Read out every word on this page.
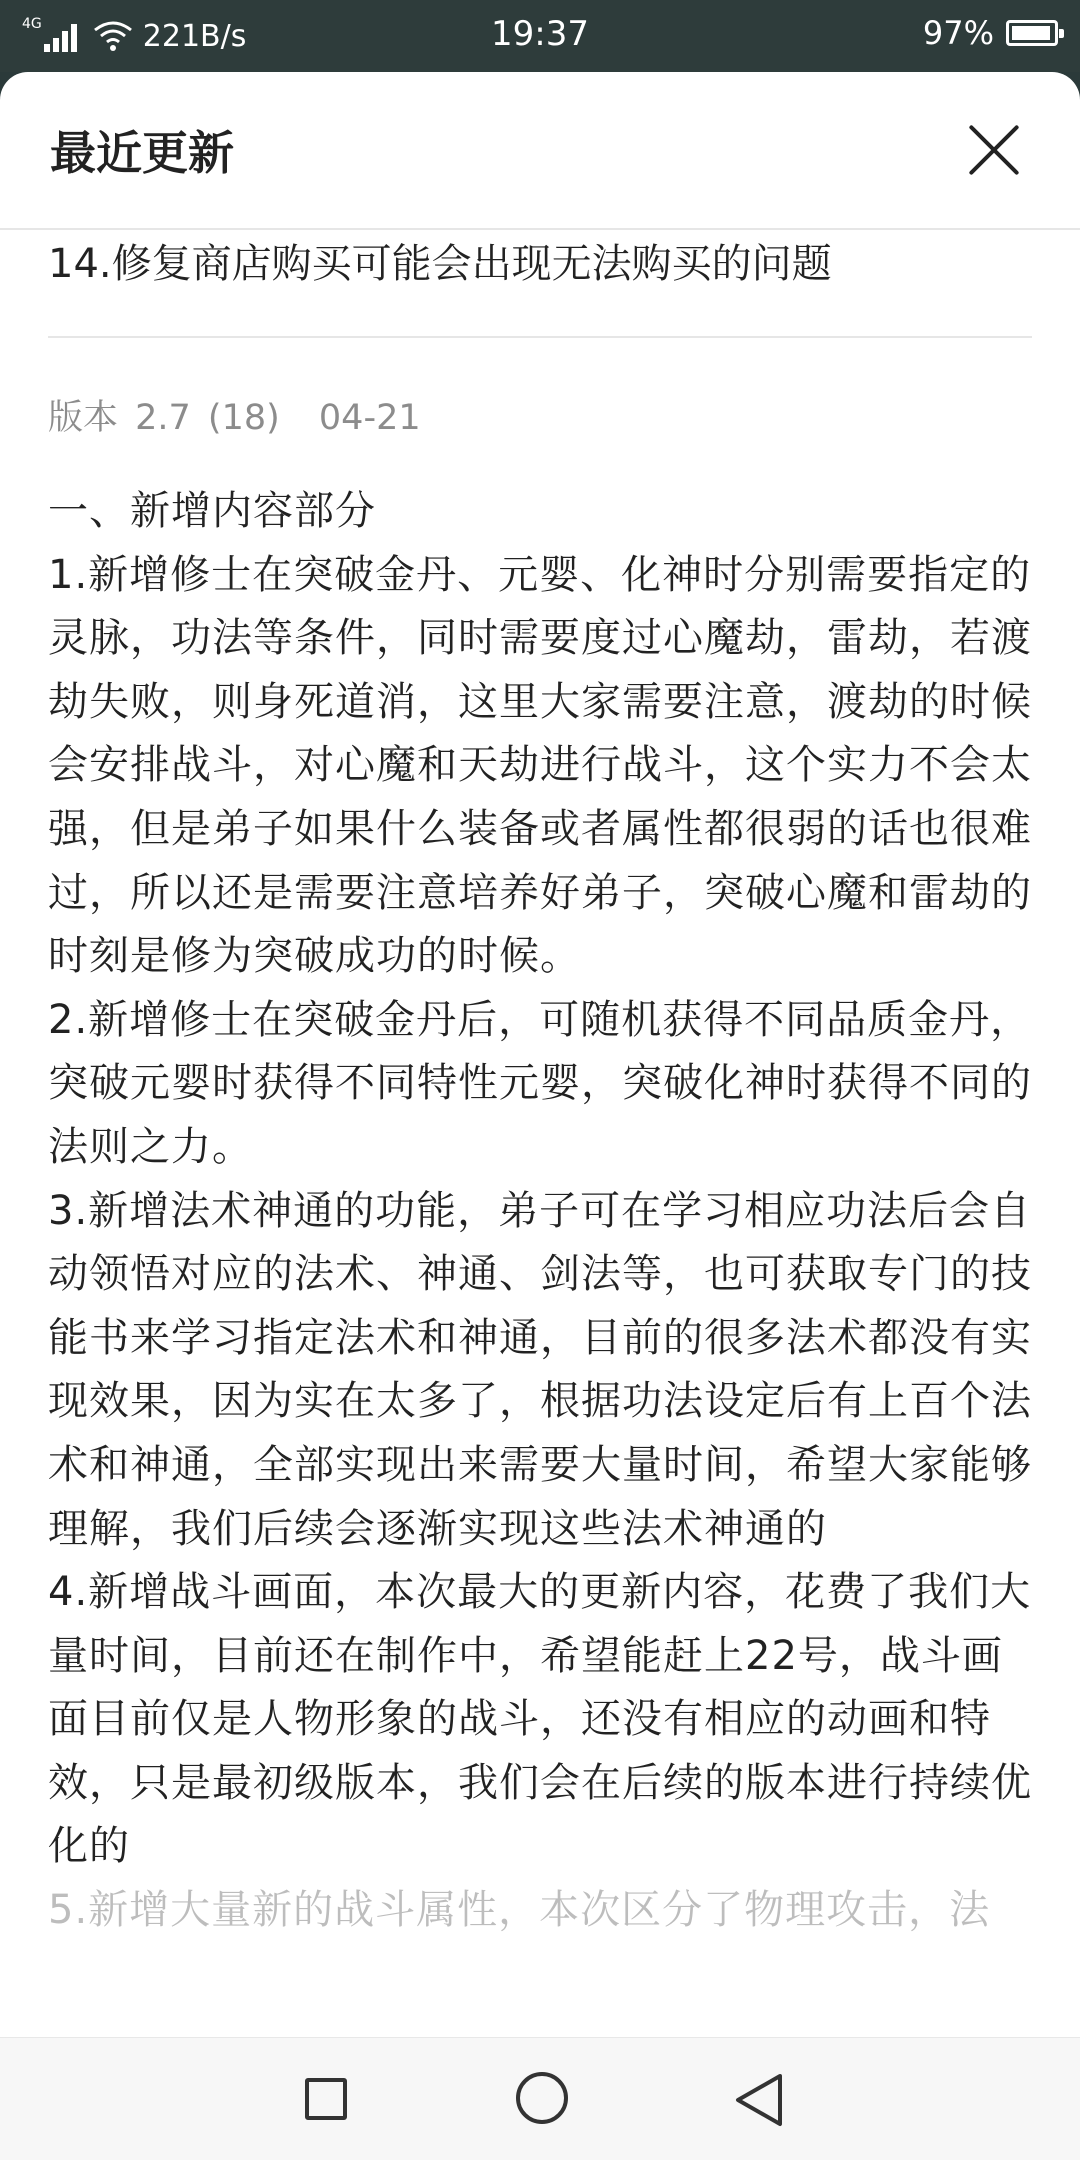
4G	221B/s	19:37	97%
最近更新
14.修复商店购买可能会出现无法购买的问题
版本 2.7 (18) 04-21

一、新增内容部分

1.新增修士在突破金丹、元婴、化神时分别需要指定的灵脉，功法等条件，同时需要度过心魔劫，雷劫，若渡劫失败，则身死道消，这里大家需要注意，渡劫的时候会安排战斗，对心魔和天劫进行战斗，这个实力不会太强，但是弟子如果什么装备或者属性都很弱的话也很难过，所以还是需要注意培养好弟子，突破心魔和雷劫的时刻是修为突破成功的时候。

2.新增修士在突破金丹后，可随机获得不同品质金丹，突破元婴时获得不同特性元婴，突破化神时获得不同的法则之力。

3.新增法术神通的功能，弟子可在学习相应功法后会自动领悟对应的法术、神通、剑法等，也可获取专门的技能书来学习指定法术和神通，目前的很多法术都没有实现效果，因为实在太多了，根据功法设定后有上百个法术和神通，全部实现出来需要大量时间，希望大家能够理解，我们后续会逐渐实现这些法术神通的

4.新增战斗画面，本次最大的更新内容，花费了我们大量时间，目前还在制作中，希望能赶上22号，战斗画面目前仅是人物形象的战斗，还没有相应的动画和特效，只是最初级版本，我们会在后续的版本进行持续优化的

5.新增大量新的战斗属性，本次区分了物理攻击，法
